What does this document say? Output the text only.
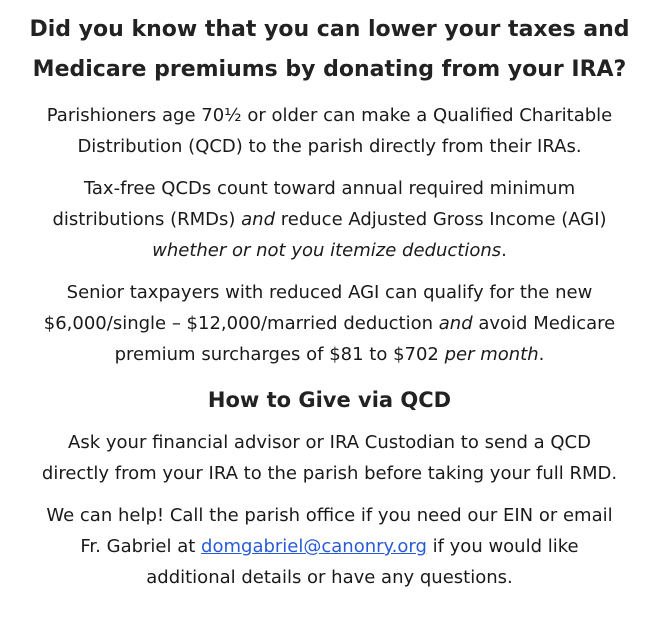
Did you know that you can lower your taxes and
Medicare premiums by donating from your IRA?

Parishioners age 70½ or older can make a Qualified Charitable
Distribution (QCD) to the parish directly from their IRAs.

Tax-free QCDs count toward annual required minimum
distributions (RMDs) and reduce Adjusted Gross Income (AGI)
whether or not you itemize deductions.

Senior taxpayers with reduced AGI can qualify for the new
$6,000/single – $12,000/married deduction and avoid Medicare
premium surcharges of $81 to $702 per month.

How to Give via QCD

Ask your financial advisor or IRA Custodian to send a QCD
directly from your IRA to the parish before taking your full RMD.

We can help! Call the parish office if you need our EIN or email
Fr. Gabriel at domgabriel@canonry.org if you would like
additional details or have any questions.
